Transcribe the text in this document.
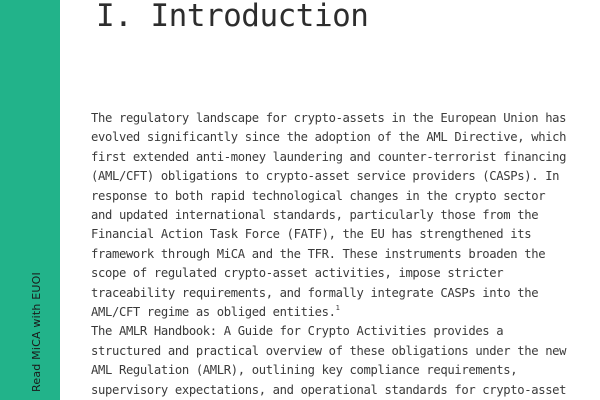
Read MiCA with EUOI
I. Introduction

The regulatory landscape for crypto-assets in the European Union has evolved significantly since the adoption of the AML Directive, which first extended anti-money laundering and counter-terrorist financing (AML/CFT) obligations to crypto-asset service providers (CASPs). In response to both rapid technological changes in the crypto sector and updated international standards, particularly those from the Financial Action Task Force (FATF), the EU has strengthened its framework through MiCA and the TFR. These instruments broaden the scope of regulated crypto-asset activities, impose stricter traceability requirements, and formally integrate CASPs into the AML/CFT regime as obliged entities.$^1$

The AMLR Handbook: A Guide for Crypto Activities provides a structured and practical overview of these obligations under the new AML Regulation (AMLR), outlining key compliance requirements, supervisory expectations, and operational standards for crypto-asset
